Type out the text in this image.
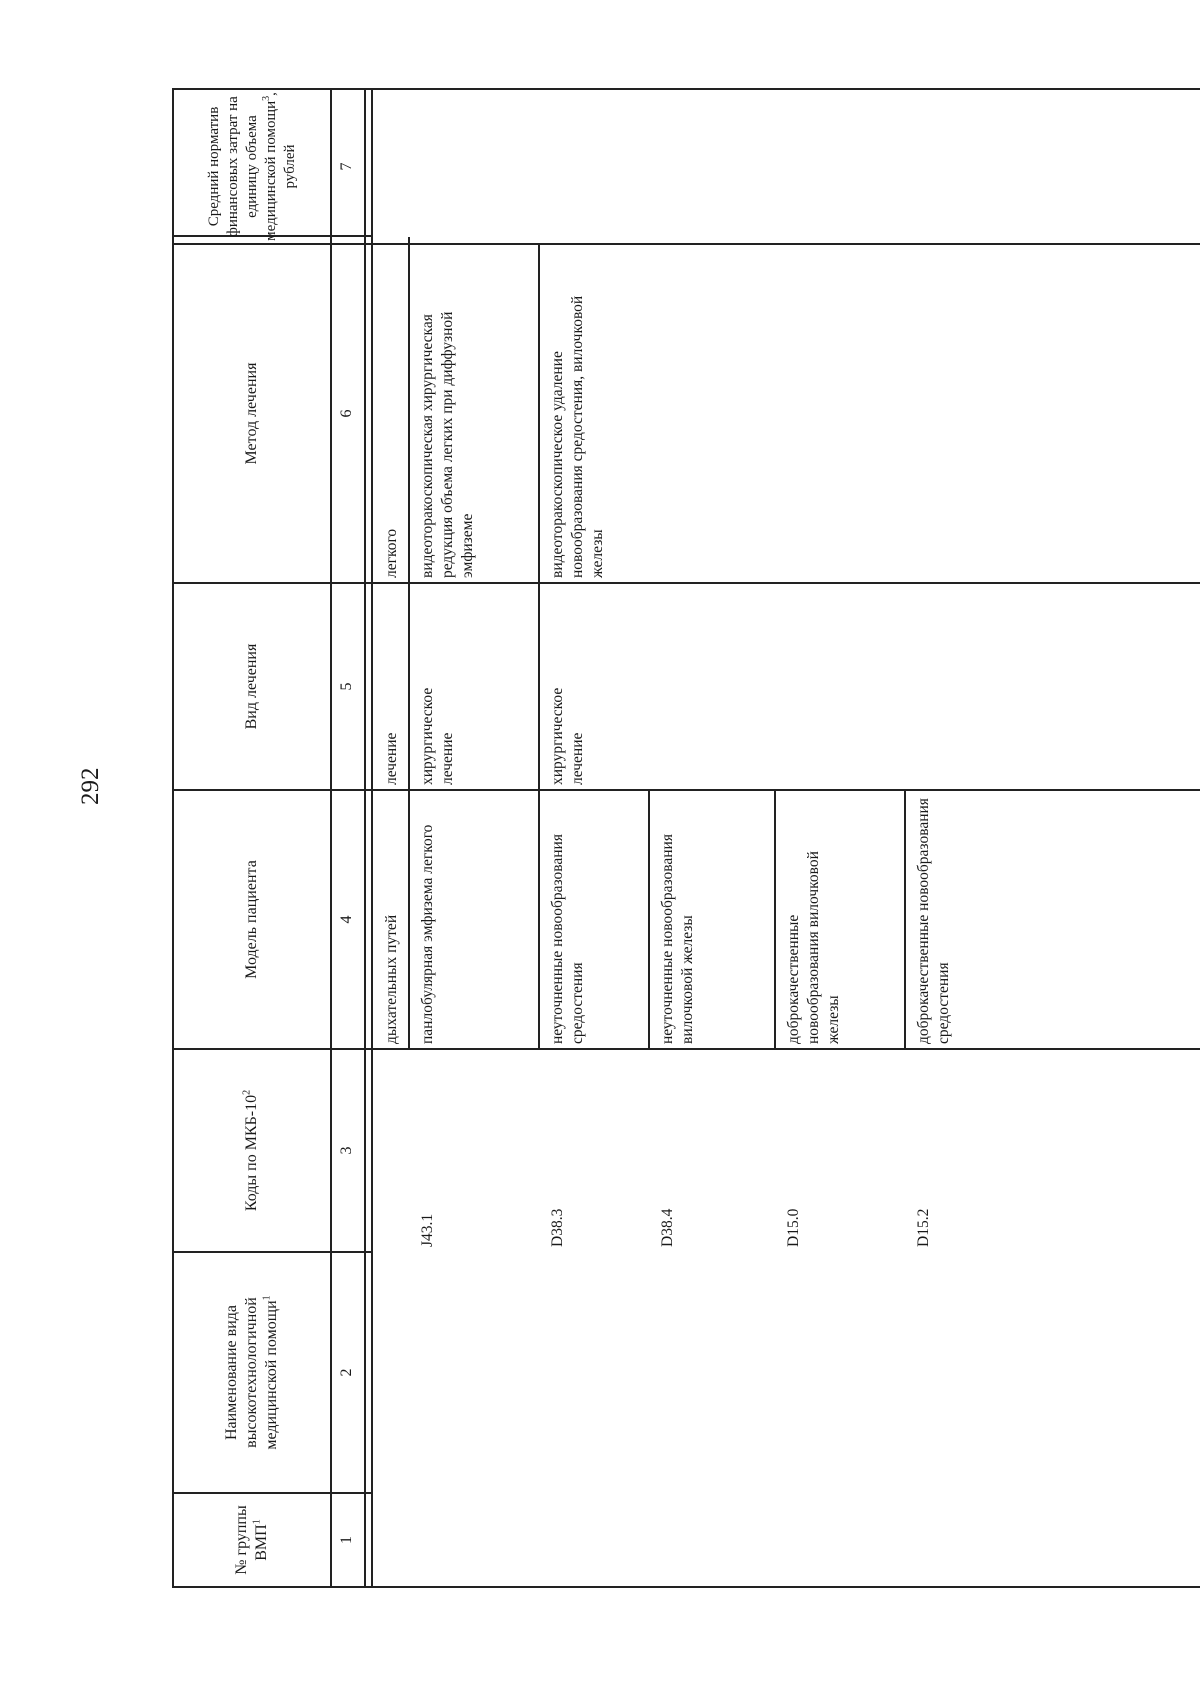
292
№ группы ВМП$^1$
Наименование вида высокотехнологичной медицинской помощи$^1$
Коды по МКБ-$10^2$
Модель пациента
Вид лечения
Метод лечения
Средний норматив финансовых затрат на единицу объема медицинской помощи$^3$, рублей
1
2
3
4
5
6
7
дыхательных путей
лечение
легкого
J43.1
панлобулярная эмфизема легкого
хирургическое лечение
видеоторакоскопическая хирургическая редукция объема легких при диффузной эмфиземе
D38.3
неуточненные новообразования средостения
хирургическое лечение
видеоторакоскопическое удаление новообразования средостения, вилочковой железы
D38.4
неуточненные новообразования вилочковой железы
D15.0
доброкачественные новообразования вилочковой железы
D15.2
доброкачественные новообразования средостения
